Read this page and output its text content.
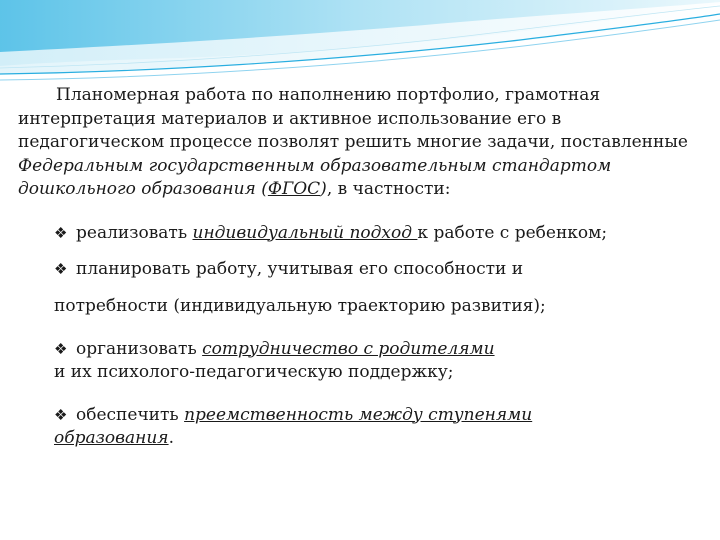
Планомерная работа по наполнению портфолио, грамотная интерпретация материалов и активное использование его в педагогическом процессе позволят решить многие задачи, поставленные Федеральным государственным образовательным стандартом дошкольного образования (ФГОС), в частности:

❖ реализовать индивидуальный подход к работе с ребенком;
❖ планировать работу, учитывая его способности и
потребности (индивидуальную траекторию развития);
❖ организовать сотрудничество с родителями
и их психолого-педагогическую поддержку;
❖ обеспечить преемственность между ступенями
образования.
